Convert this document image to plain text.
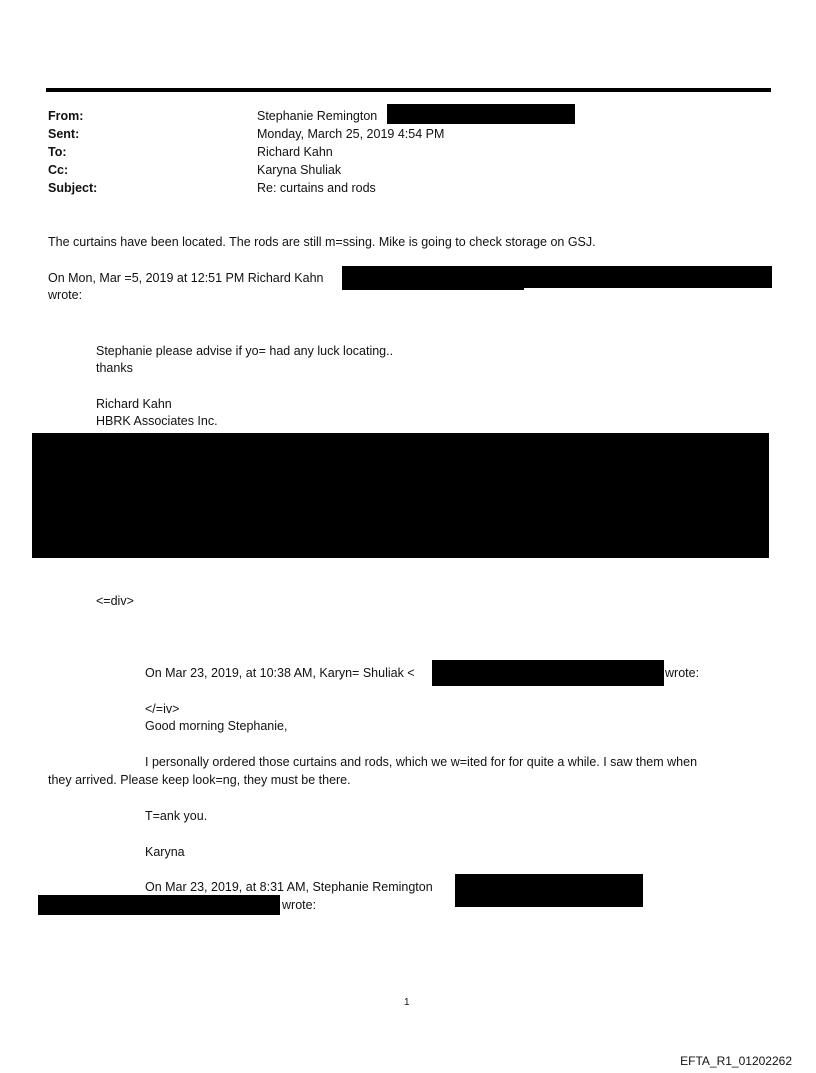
From:	Stephanie Remington
Sent:	Monday, March 25, 2019 4:54 PM
To:	Richard Kahn
Cc:	Karyna Shuliak
Subject:	Re: curtains and rods
The curtains have been located. The rods are still m=ssing. Mike is going to check storage on GSJ.
On Mon, Mar =5, 2019 at 12:51 PM Richard Kahn
wrote:
Stephanie please advise if yo= had any luck locating..
thanks
Richard Kahn
HBRK Associates Inc.
<=div>
On Mar 23, 2019, at 10:38 AM, Karyn= Shuliak <	wrote:
</=iv>
Good morning Stephanie,
I personally ordered those curtains and rods, which we w=ited for for quite a while. I saw them when
they arrived. Please keep look=ng, they must be there.
T=ank you.
Karyna
On Mar 23, 2019, at 8:31 AM, Stephanie Remington
wrote:
1
EFTA_R1_01202262
